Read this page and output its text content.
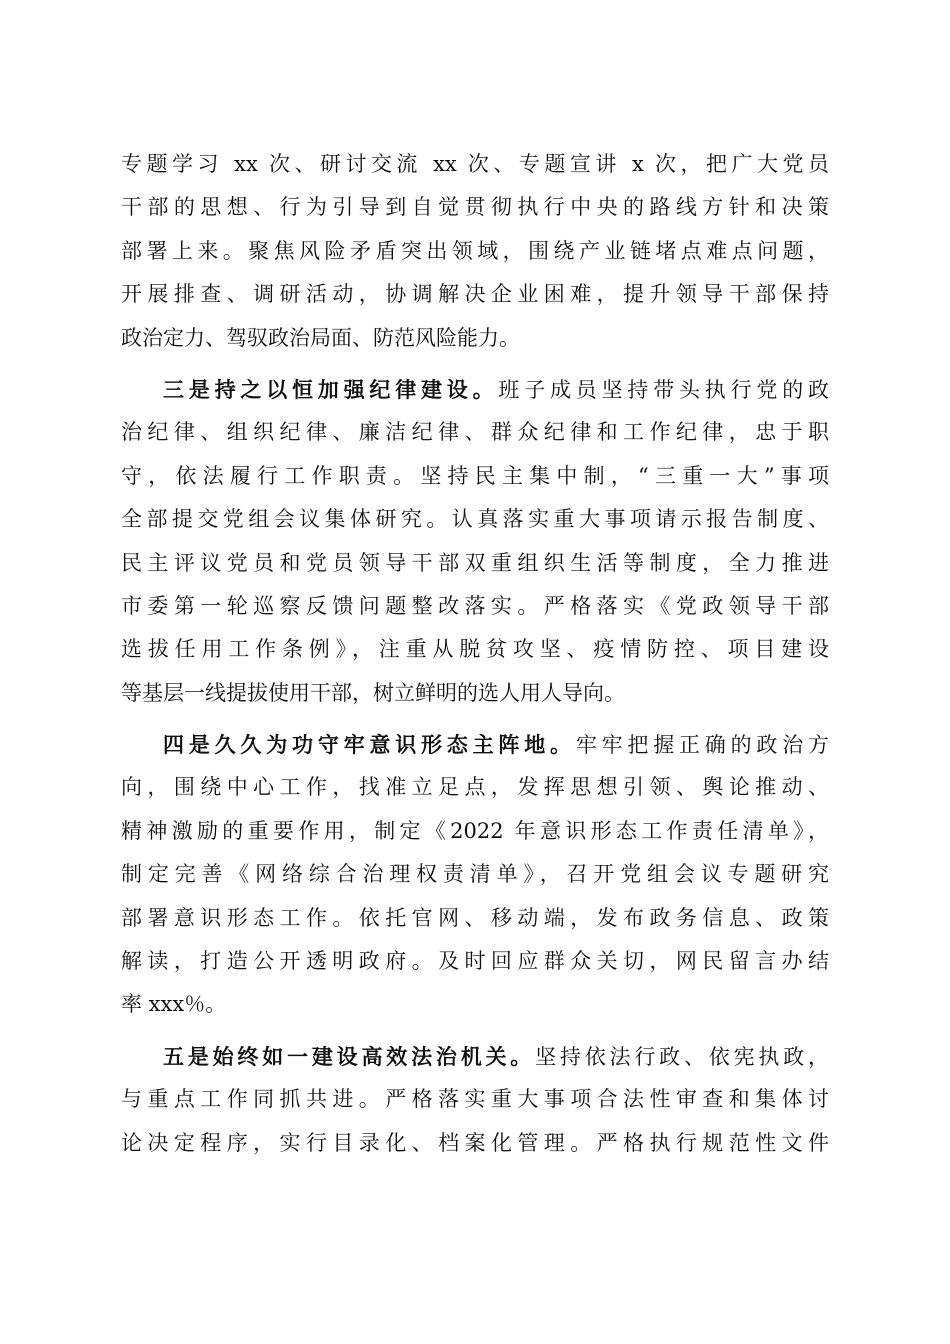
专题学习 xx 次、研讨交流 xx 次、专题宣讲 x 次，把广大党员
干部的思想、行为引导到自觉贯彻执行中央的路线方针和决策
部署上来。聚焦风险矛盾突出领域，围绕产业链堵点难点问题，
开展排查、调研活动，协调解决企业困难，提升领导干部保持
政治定力、驾驭政治局面、防范风险能力。
三是持之以恒加强纪律建设。班子成员坚持带头执行党的政
治纪律、组织纪律、廉洁纪律、群众纪律和工作纪律，忠于职
守，依法履行工作职责。坚持民主集中制，“三重一大”事项
全部提交党组会议集体研究。认真落实重大事项请示报告制度、
民主评议党员和党员领导干部双重组织生活等制度，全力推进
市委第一轮巡察反馈问题整改落实。严格落实《党政领导干部
选拔任用工作条例》，注重从脱贫攻坚、疫情防控、项目建设
等基层一线提拔使用干部，树立鲜明的选人用人导向。
四是久久为功守牢意识形态主阵地。牢牢把握正确的政治方
向，围绕中心工作，找准立足点，发挥思想引领、舆论推动、
精神激励的重要作用，制定《2022 年意识形态工作责任清单》，
制定完善《网络综合治理权责清单》，召开党组会议专题研究
部署意识形态工作。依托官网、移动端，发布政务信息、政策
解读，打造公开透明政府。及时回应群众关切，网民留言办结
率 xxx％。
五是始终如一建设高效法治机关。坚持依法行政、依宪执政，
与重点工作同抓共进。严格落实重大事项合法性审查和集体讨
论决定程序，实行目录化、档案化管理。严格执行规范性文件
